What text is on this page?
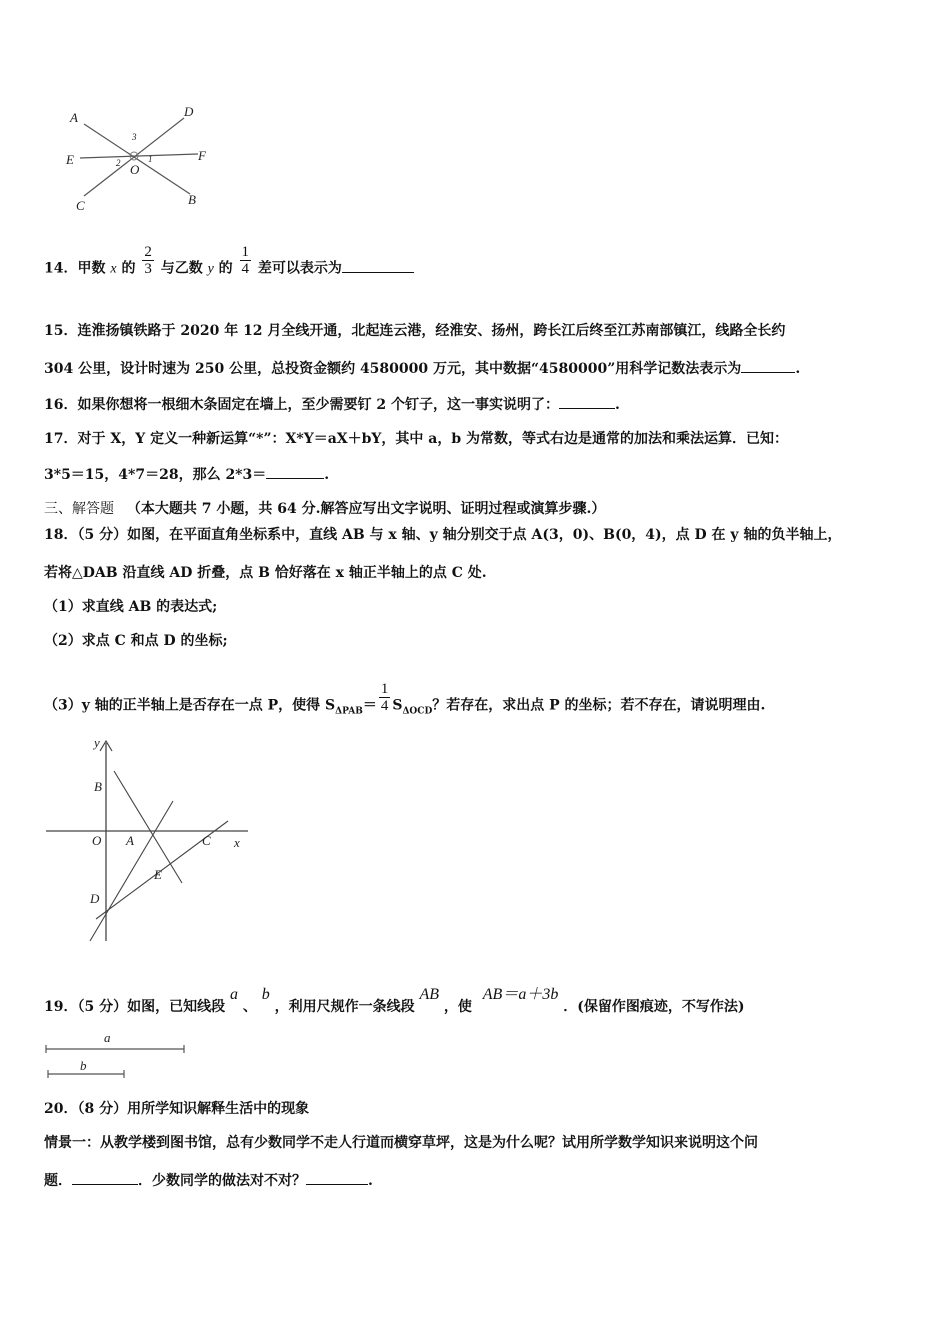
A	D
E	F
C	B
O
1
2
3
14．甲数 x 的 $\frac{2}{3}$ 与乙数 y 的 $\frac{1}{4}$ 差可以表示为
15．连淮扬镇铁路于 2020 年 12 月全线开通，北起连云港，经淮安、扬州，跨长江后终至江苏南部镇江，线路全长约
304 公里，设计时速为 250 公里，总投资金额约 4580000 万元，其中数据“4580000”用科学记数法表示为	.
16．如果你想将一根细木条固定在墙上，至少需要钉 2 个钉子，这一事实说明了：	.
17．对于 X，Y 定义一种新运算“*”：X*Y＝aX＋bY，其中 a，b 为常数，等式右边是通常的加法和乘法运算．已知：
3*5＝15，4*7＝28，那么 2*3＝	.
三、解答题 （本大题共 7 小题，共 64 分.解答应写出文字说明、证明过程或演算步骤.）
18．（5 分）如图，在平面直角坐标系中，直线 AB 与 x 轴、y 轴分别交于点 A(3，0)、B(0，4)，点 D 在 y 轴的负半轴上，
若将△DAB 沿直线 AD 折叠，点 B 恰好落在 x 轴正半轴上的点 C 处.
（1）求直线 AB 的表达式;
（2）求点 C 和点 D 的坐标;
（3）y 轴的正半轴上是否存在一点 P，使得 $S_{\Delta PAB}= \frac{1}{4} S_{\Delta OCD}$？若存在，求出点 P 的坐标；若不存在，请说明理由.
y
B
O A	C x
E
D
19．（5 分）如图，已知线段 a 、 b ，利用尺规作一条线段 AB ，使 AB＝a＋3b ．(保留作图痕迹，不写作法)
a
b
20．（8 分）用所学知识解释生活中的现象
情景一：从教学楼到图书馆，总有少数同学不走人行道而横穿草坪，这是为什么呢？试用所学数学知识来说明这个问
题．	．少数同学的做法对不对？	.
